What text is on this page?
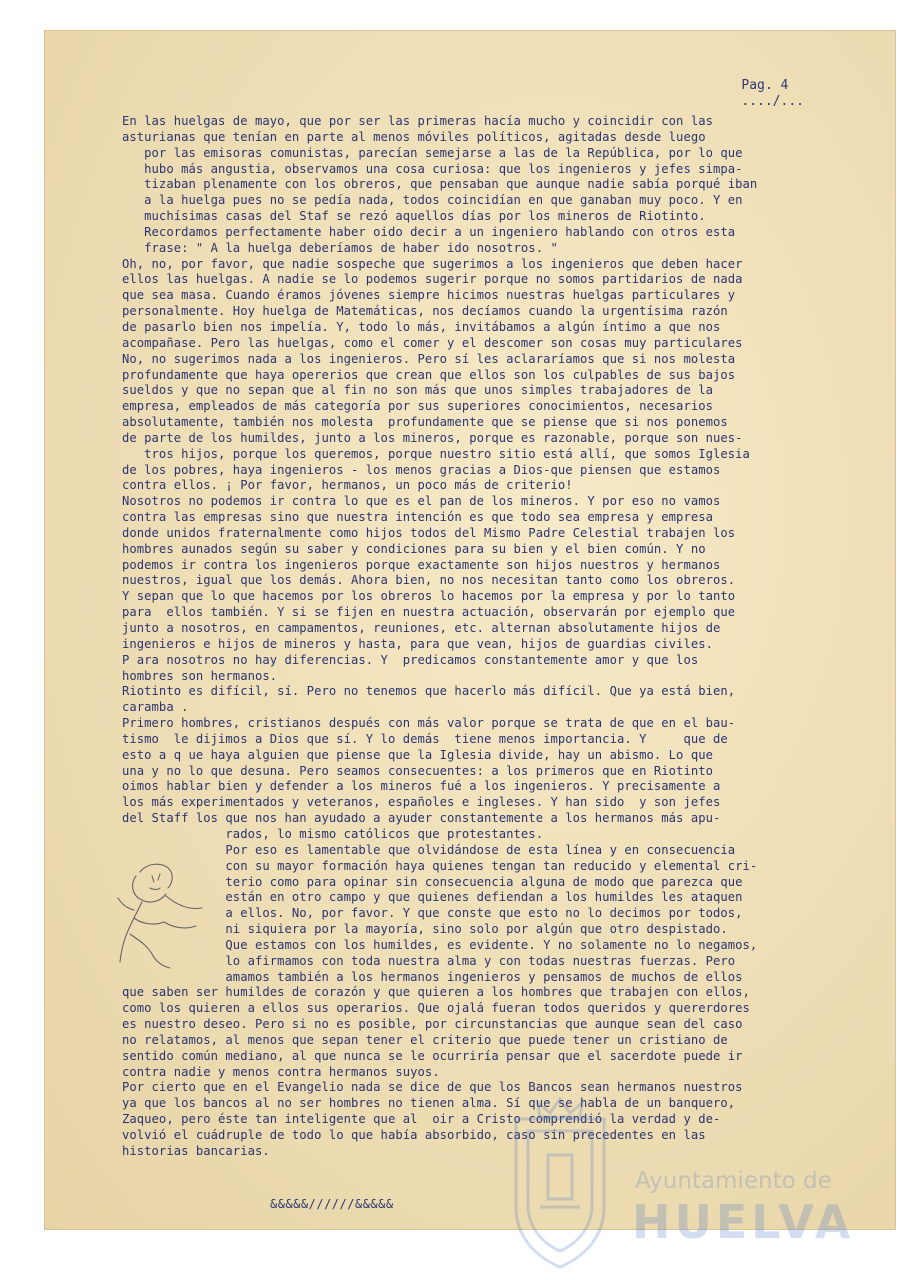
Pag. 4
..../...
En las huelgas de mayo, que por ser las primeras hacía mucho y coincidir con las
asturianas que tenían en parte al menos móviles políticos, agitadas desde luego
por las emisoras comunistas, parecían semejarse a las de la República, por lo que
hubo más angustia, observamos una cosa curiosa: que los ingenieros y jefes simpa-
tizaban plenamente con los obreros, que pensaban que aunque nadie sabía porqué iban
a la huelga pues no se pedía nada, todos coincidían en que ganaban muy poco. Y en
muchísimas casas del Staf se rezó aquellos días por los mineros de Riotinto.
Recordamos perfectamente haber oido decir a un ingeniero hablando con otros esta
frase: " A la huelga deberíamos de haber ido nosotros. "
Oh, no, por favor, que nadie sospeche que sugerimos a los ingenieros que deben hacer
ellos las huelgas. A nadie se lo podemos sugerir porque no somos partidarios de nada
que sea masa. Cuando éramos jóvenes siempre hicimos nuestras huelgas particulares y
personalmente. Hoy huelga de Matemáticas, nos decíamos cuando la urgentísima razón
de pasarlo bien nos impelía. Y, todo lo más, invitábamos a algún íntimo a que nos
acompañase. Pero las huelgas, como el comer y el descomer son cosas muy particulares
No, no sugerimos nada a los ingenieros. Pero sí les aclararíamos que si nos molesta
profundamente que haya opererios que crean que ellos son los culpables de sus bajos
sueldos y que no sepan que al fin no son más que unos simples trabajadores de la
empresa, empleados de más categoría por sus superiores conocimientos, necesarios
absolutamente, también nos molesta  profundamente que se piense que si nos ponemos
de parte de los humildes, junto a los mineros, porque es razonable, porque son nues-
tros hijos, porque los queremos, porque nuestro sitio está allí, que somos Iglesia
de los pobres, haya ingenieros - los menos gracias a Dios-que piensen que estamos
contra ellos. ¡ Por favor, hermanos, un poco más de criterio!
Nosotros no podemos ir contra lo que es el pan de los mineros. Y por eso no vamos
contra las empresas sino que nuestra intención es que todo sea empresa y empresa
donde unidos fraternalmente como hijos todos del Mismo Padre Celestial trabajen los
hombres aunados según su saber y condiciones para su bien y el bien común. Y no
podemos ir contra los ingenieros porque exactamente son hijos nuestros y hermanos
nuestros, igual que los demás. Ahora bien, no nos necesitan tanto como los obreros.
Y sepan que lo que hacemos por los obreros lo hacemos por la empresa y por lo tanto
para  ellos también. Y si se fijen en nuestra actuación, observarán por ejemplo que
junto a nosotros, en campamentos, reuniones, etc. alternan absolutamente hijos de
ingenieros e hijos de mineros y hasta, para que vean, hijos de guardias civiles.
P ara nosotros no hay diferencias. Y  predicamos constantemente amor y que los
hombres son hermanos.
Riotinto es difícil, sí. Pero no tenemos que hacerlo más difícil. Que ya está bien,
caramba .
Primero hombres, cristianos después con más valor porque se trata de que en el bau-
tismo  le dijimos a Dios que sí. Y lo demás  tiene menos importancia. Y     que de
esto a q ue haya alguien que piense que la Iglesia divide, hay un abismo. Lo que
una y no lo que desuna. Pero seamos consecuentes: a los primeros que en Riotinto
oimos hablar bien y defender a los mineros fué a los ingenieros. Y precisamente a
los más experimentados y veteranos, españoles e ingleses. Y han sido  y son jefes
del Staff los que nos han ayudado a ayuder constantemente a los hermanos más apu-
rados, lo mismo católicos que protestantes.
Por eso es lamentable que olvidándose de esta línea y en consecuencia
con su mayor formación haya quienes tengan tan reducido y elemental cri-
terio como para opinar sin consecuencia alguna de modo que parezca que
están en otro campo y que quienes defiendan a los humildes les ataquen
a ellos. No, por favor. Y que conste que esto no lo decimos por todos,
ni siquiera por la mayoría, sino solo por algún que otro despistado.
Que estamos con los humildes, es evidente. Y no solamente no lo negamos,
lo afirmamos con toda nuestra alma y con todas nuestras fuerzas. Pero
amamos también a los hermanos ingenieros y pensamos de muchos de ellos
que saben ser humildes de corazón y que quieren a los hombres que trabajen con ellos,
como los quieren a ellos sus operarios. Que ojalá fueran todos queridos y quererdores
es nuestro deseo. Pero si no es posible, por circunstancias que aunque sean del caso
no relatamos, al menos que sepan tener el criterio que puede tener un cristiano de
sentido común mediano, al que nunca se le ocurriría pensar que el sacerdote puede ir
contra nadie y menos contra hermanos suyos.
Por cierto que en el Evangelio nada se dice de que los Bancos sean hermanos nuestros
ya que los bancos al no ser hombres no tienen alma. Sí que se habla de un banquero,
Zaqueo, pero éste tan inteligente que al  oir a Cristo comprendió la verdad y de-
volvió el cuádruple de todo lo que había absorbido, caso sin precedentes en las
historias bancarias.
&&&&&//////&&&&&
Ayuntamiento de
HUELVA
